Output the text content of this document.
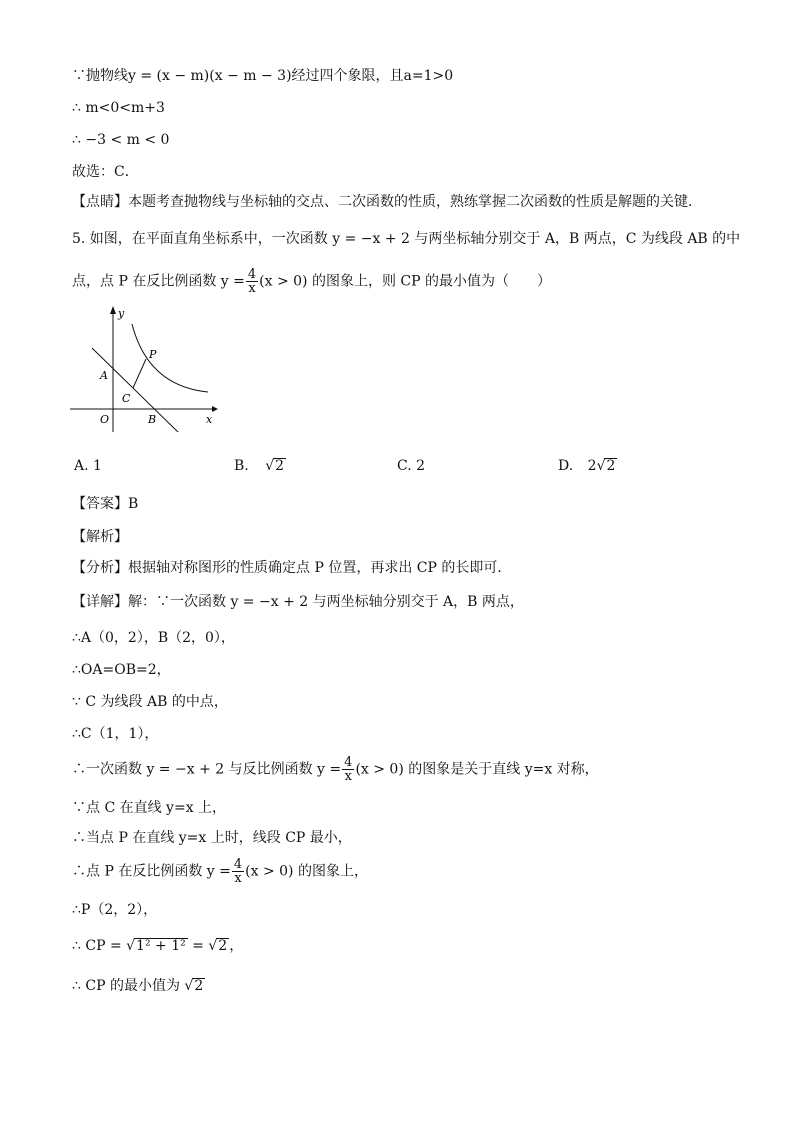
∵抛物线y = (x − m)(x − m − 3)经过四个象限，且a=1>0
∴ m<0<m+3
∴ −3 < m < 0
故选：C．
【点睛】本题考查抛物线与坐标轴的交点、二次函数的性质，熟练掌握二次函数的性质是解题的关键．
5. 如图，在平面直角坐标系中，一次函数 y = −x + 2 与两坐标轴分别交于 A，B 两点，C 为线段 AB 的中
点，点 P 在反比例函数 $y = \frac{4}{x} (x > 0)$ 的图象上，则 CP 的最小值为（　　）
y
x
O
A
B
C
P
A. 1	B. √2	C. 2	D. 2√2
【答案】B
【解析】
【分析】根据轴对称图形的性质确定点 P 位置，再求出 CP 的长即可．
【详解】解：∵一次函数 y = −x + 2 与两坐标轴分别交于 A，B 两点，
∴A（0，2），B（2，0），
∴OA=OB=2，
∵ C 为线段 AB 的中点，
∴C（1，1），
∴一次函数 y = −x + 2 与反比例函数 $y = \frac{4}{x} (x > 0)$ 的图象是关于直线 y=x 对称，
∵点 C 在直线 y=x 上，
∴当点 P 在直线 y=x 上时，线段 CP 最小，
∴点 P 在反比例函数 $y = \frac{4}{x} (x > 0)$ 的图象上，
∴P（2，2），
∴ CP = √1² + 1² = √2 ，
∴ CP 的最小值为 √2
